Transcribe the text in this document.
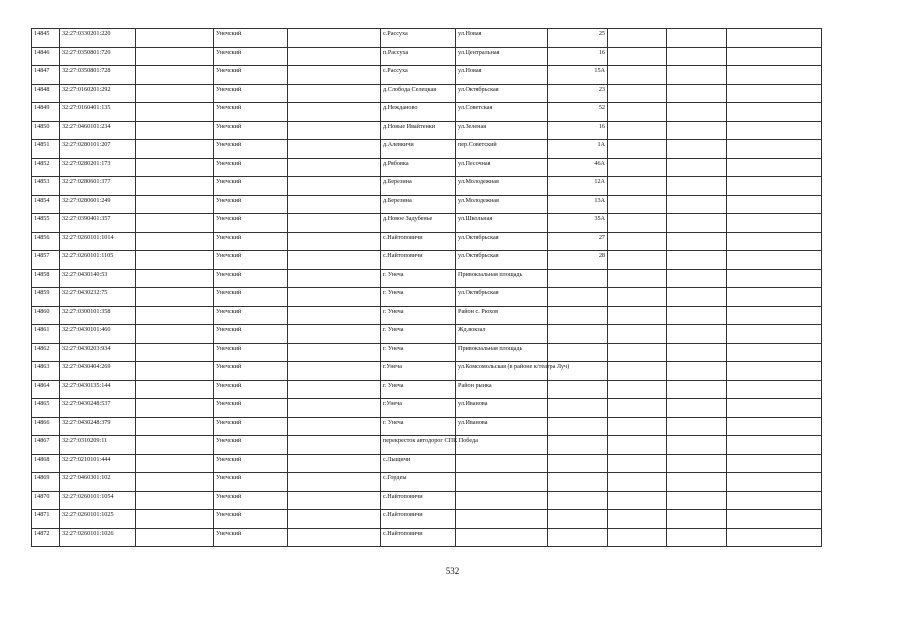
14845	32:27:0330201:220		Унечский		с.Рассуха	ул.Новая	25			
14846	32:27:0350801:720		Унечский		п.Рассуха	ул.Центральная	16			
14847	32:27:0350801:728		Унечский		с.Рассуха	ул.Новая	15А			
14848	32:27:0160201:292		Унечский		д.Слобода Селецкая	ул.Октябрьская	23			
14849	32:27:0160401:135		Унечский		д.Нежданово	ул.Советская	52			
14850	32:27:0460101:234		Унечский		д.Новые Ивайтенки	ул.Зеленая	16			
14851	32:27:0280101:207		Унечский		д.Алевкичи	пер.Советский	1А			
14852	32:27:0280201:173		Унечский		д.Рябовка	ул.Песочная	46А			
14853	32:27:0280601:377		Унечский		д.Березина	ул.Молодежная	12А			
14854	32:27:0280601:249		Унечский		д.Березина	ул.Молодежная	13А			
14855	32:27:0390401:357		Унечский		д.Новое Задубенье	ул.Школьная	35А			
14856	32:27:0260101:1014		Унечский		с.Найтоповичи	ул.Октябрьская	27			
14857	32:27:0260101:1105		Унечский		с.Найтоповичи	ул.Октябрьская	28			
14858	32:27:0430140:53		Унечский		г. Унеча	Привокзальная площадь				
14859	32:27:0430232:75		Унечский		г. Унеча	ул.Октябрьская				
14860	32:27:0300101:358		Унечский		г. Унеча	Район с. Рюхов				
14861	32:27:0430101:460		Унечский		г. Унеча	Жд.вокзал				
14862	32:27:0430203:934		Унечский		г. Унеча	Привокзальная площадь				
14863	32:27:0430404:269		Унечский		г.Унеча	ул.Комсомольская (в районе к/театра Луч)				
14864	32:27:0430135:144		Унечский		г. Унеча	Район рынка				
14865	32:27:0430248:537		Унечский		г.Унеча	ул.Иванова				
14866	32:27:0430248:379		Унечский		г. Унеча	ул.Иванова				
14867	32:27:0310209:11		Унечский		перекресток автодорог СПК Победа					
14868	32:27:0210101:444		Унечский		с.Лыщичи					
14869	32:27:0460301:102		Унечский		с.Гордеы					
14870	32:27:0260101:1054		Унечский		с.Найтоповичи					
14871	32:27:0260101:1025		Унечский		с.Найтоповичи					
14872	32:27:0260101:1026		Унечский		с.Найтоповичи					
532
